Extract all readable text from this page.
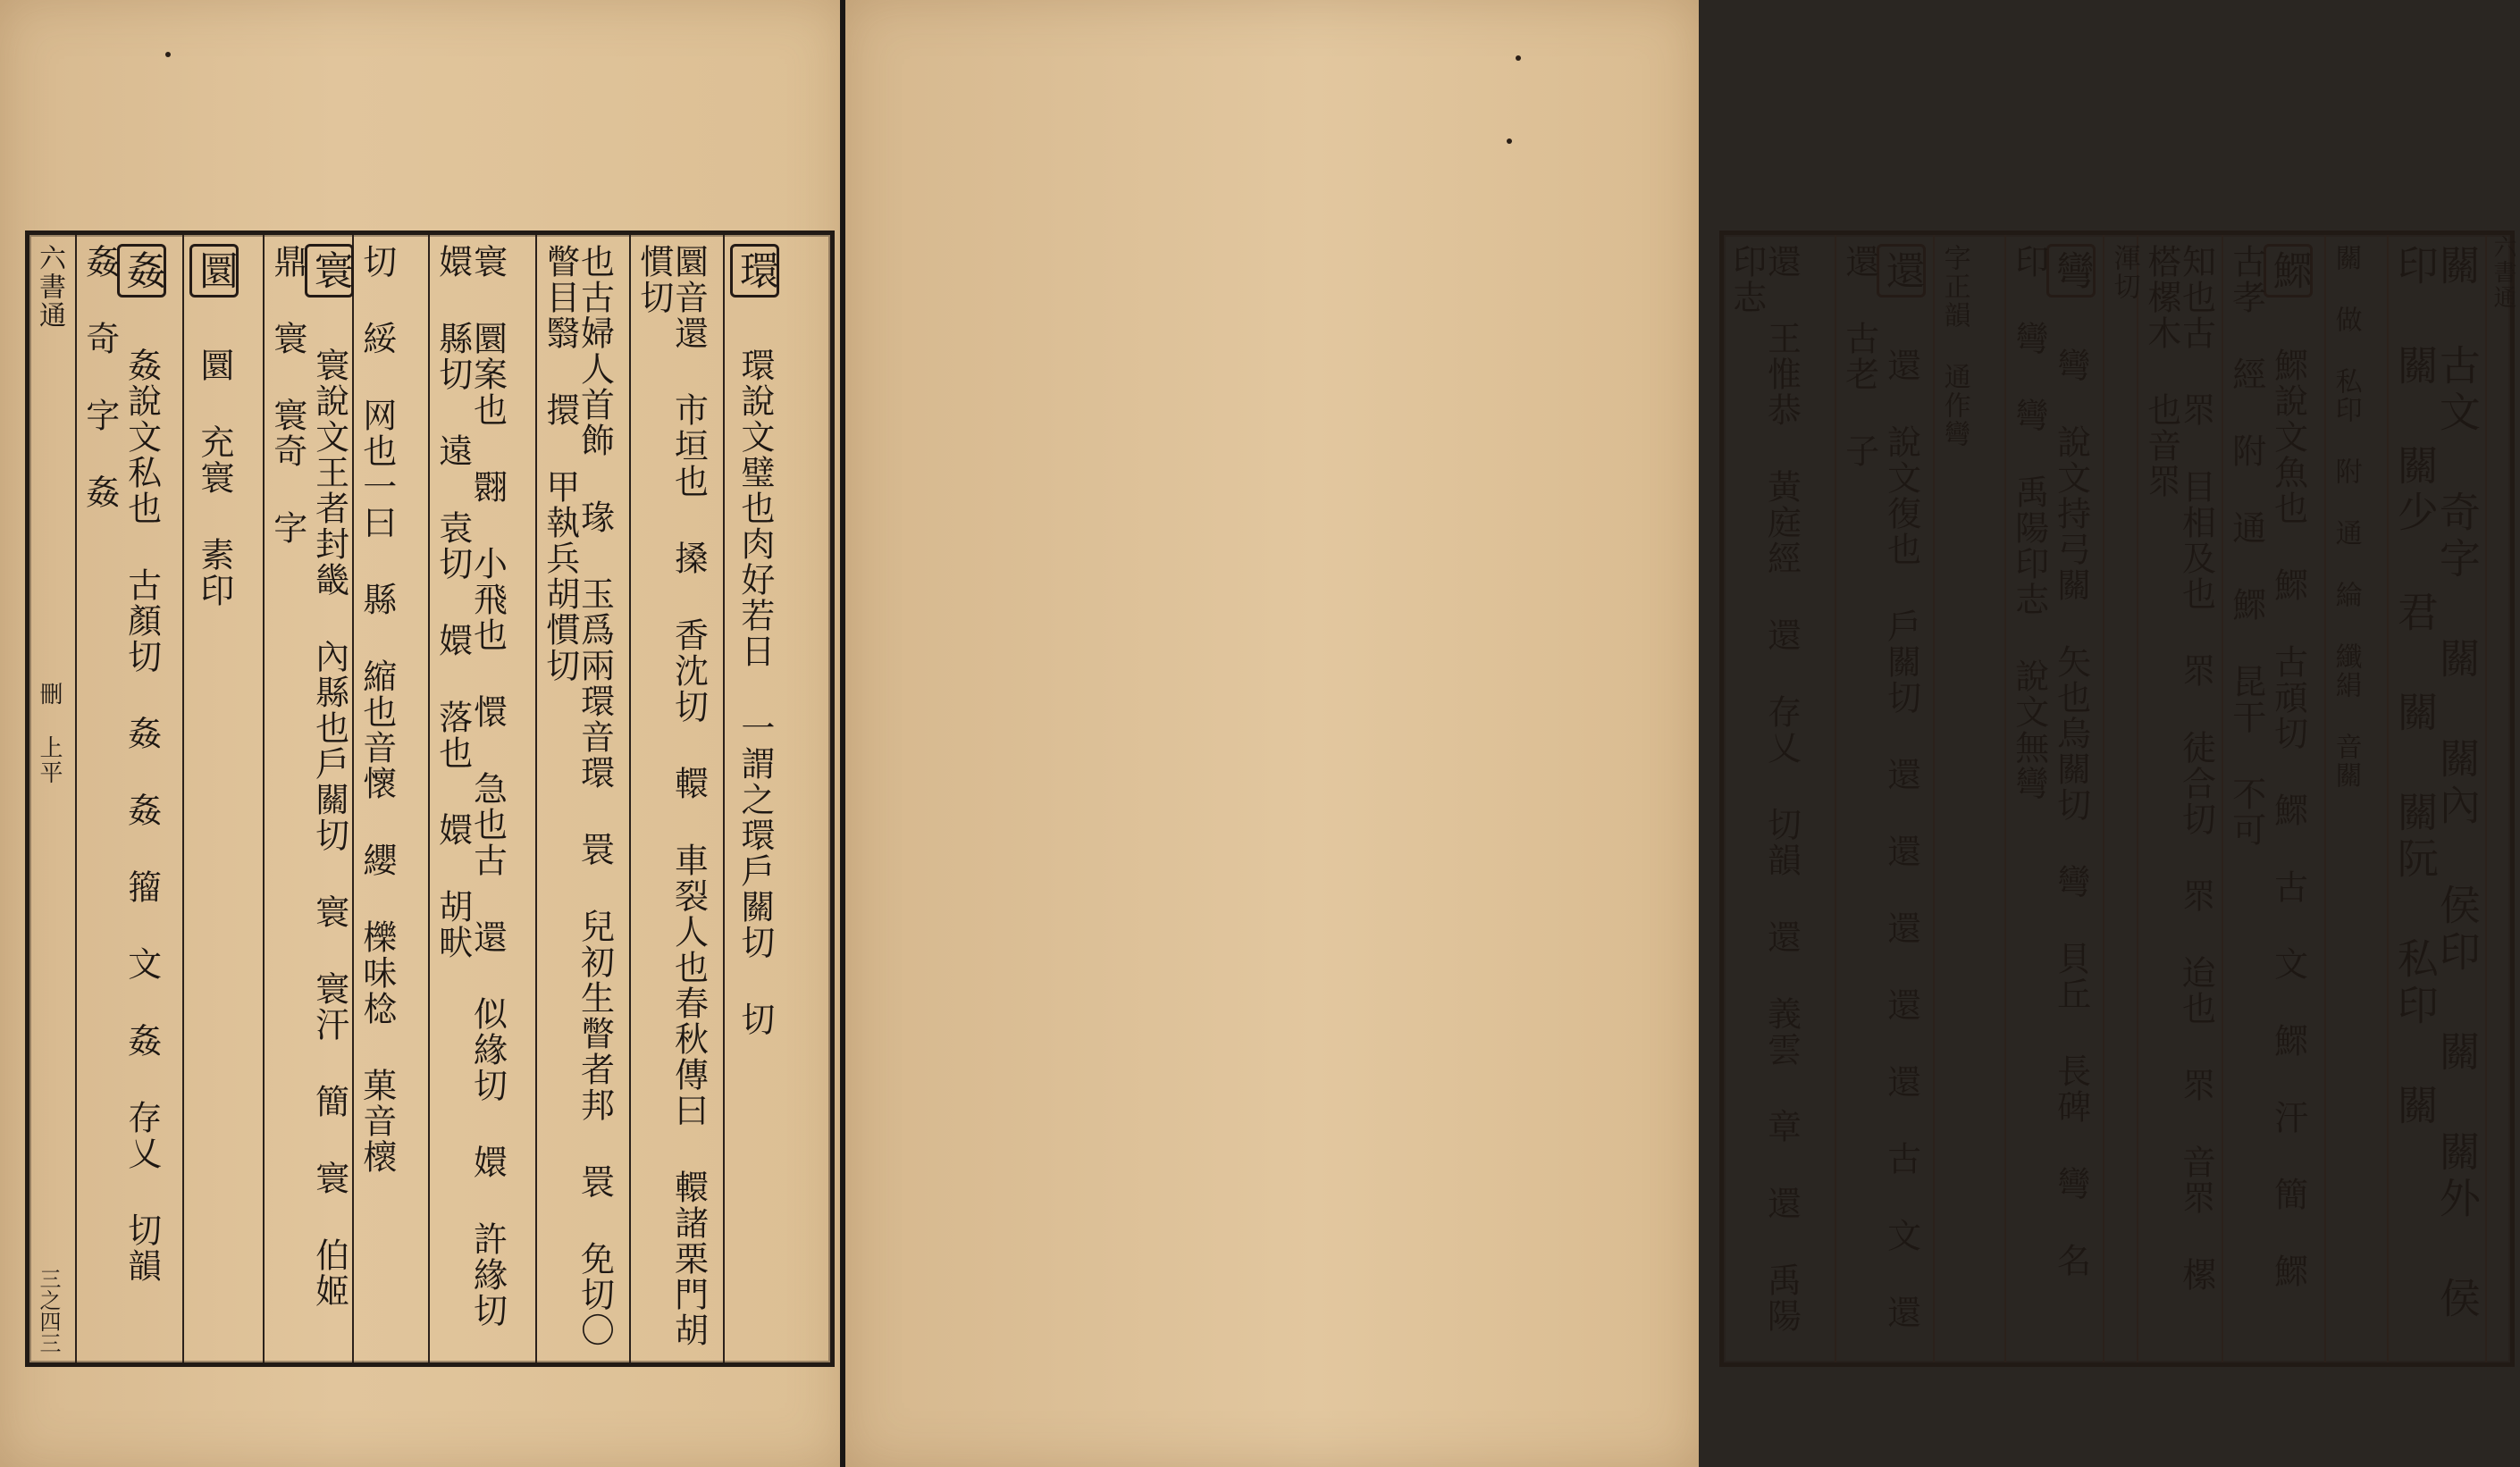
環 環說文璧也肉好若日 一謂之環戶關切 切
圜音還 市垣也 搡 香沈切 轘 車裂人也春秋傳曰 轘諸栗門胡慣切
也古婦人首飾 瑑 玉爲兩環音環 睘 兒初生瞥者邦 睘 免切〇瞥目翳 擐 甲執兵胡慣切
寰 圜案也 翾 小飛也 懁 急也古 還 似緣切 嬛 許緣切 嬛 縣切 遠 袁切 嬛 落也 嬛 胡畎
切 綏 网也一曰 縣 縮也音懷 纓 櫟味棯 菓音櫰
寰 寰說文王者封畿 內縣也戶關切 寰 寰汗 簡 寰 伯姬 鼎 寰 寰奇 字
圜 圜 充寰 素印
姦 姦說文私也 古顏切 姦 姦 籀 文 姦 存乂 切韻 姦 奇 字 姦
六書通
刪 上平
三之四三
六書通
關 古文 奇字 關 關內 侯印 關 關外 侯印 關 關少 君 關 關阮 私印 關
關 做 私印 附 通 綸 纖絹 音關
鰥 鰥說文魚也 鰥 古頑切 鰥 古 文 鰥 汗 簡 鰥 古孝 經 附 通 鰥 昆干 不可
知也古 眔 目相及也 眔 徒合切 眔 迨也 眔 音眔 樏 榙樏木 也音眔
渾切
彎 彎 說文持弓關 矢也烏關切 彎 貝丘 長碑 彎 名 印 彎 彎 禹陽印志 說文無彎
字正韻 通作彎
還 還 說文復也 戶關切 還 還 還 還 還 古 文 還 還 古老 子
還 王惟恭 黃庭經 還 存乂 切韻 還 義雲 章 還 禹陽 印志
